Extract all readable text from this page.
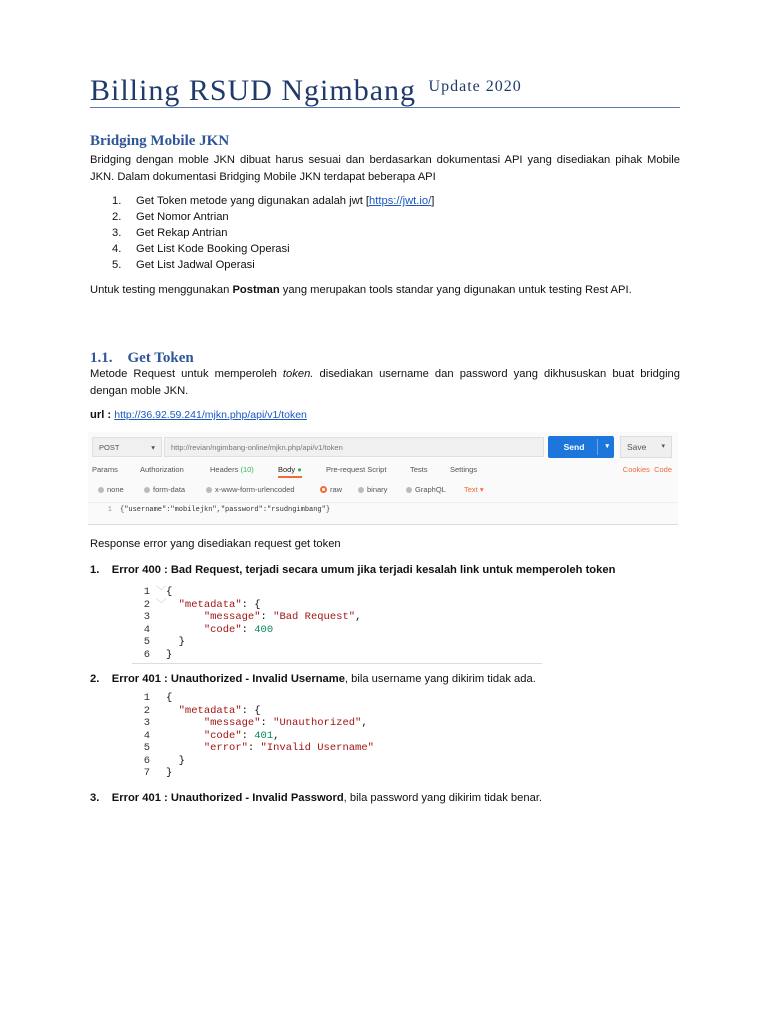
Billing RSUD Ngimbang $^{Update 2020}$
Bridging Mobile JKN
Bridging dengan moble JKN dibuat harus sesuai dan berdasarkan dokumentasi API yang disediakan pihak Mobile JKN. Dalam dokumentasi Bridging Mobile JKN terdapat beberapa API
1. Get Token metode yang digunakan adalah jwt [https://jwt.io/]
2. Get Nomor Antrian
3. Get Rekap Antrian
4. Get List Kode Booking Operasi
5. Get List Jadwal Operasi
Untuk testing menggunakan Postman yang merupakan tools standar yang digunakan untuk testing Rest API.
1.1. Get Token
Metode Request untuk memperoleh token. disediakan username dan password yang dikhususkan buat bridging dengan moble JKN.
url : http://36.92.59.241/mjkn.php/api/v1/token
POST	▾	http://revian/ngimbang-online/mjkn.php/api/v1/token	Send	▾	Save ▾
Params	Authorization	Headers (10)	Body ●	Pre-request Script	Tests	Settings	Cookies Code
none	form-data	x-www-form-urlencoded	raw	binary	GraphQL Text ▾
1 {"username":"mobilejkn","password":"rsudngimbang"}
Response error yang disediakan request get token
1. Error 400 : Bad Request, terjadi secara umum jika terjadi kesalah link untuk memperoleh token
1 ﹀{
2 ﹀ "metadata": {
3	"message": "Bad Request",
4	"code": 400
5	}
6 }
2. Error 401 : Unauthorized - Invalid Username, bila username yang dikirim tidak ada.
1 {
2	"metadata": {
3	"message": "Unauthorized",
4	"code": 401,
5	"error": "Invalid Username"
6	}
7 }
3. Error 401 : Unauthorized - Invalid Password, bila password yang dikirim tidak benar.
